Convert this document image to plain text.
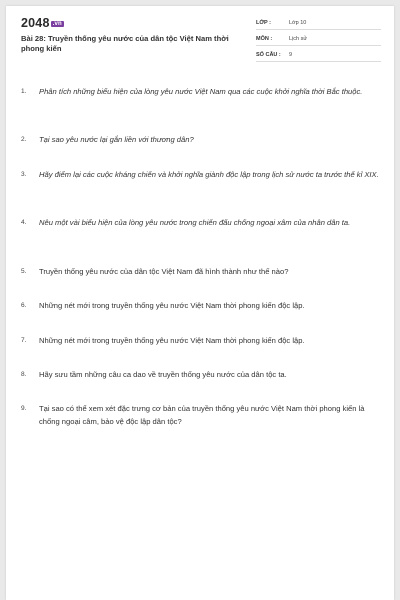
2048 .vn
Bài 28: Truyền thống yêu nước của dân tộc Việt Nam thời phong kiến
LỚP :	Lớp 10
MÔN :	Lịch sử
SỐ CÂU : 9
1. Phân tích những biểu hiện của lòng yêu nước Việt Nam qua các cuộc khởi nghĩa thời Bắc thuộc.
2. Tại sao yêu nước lại gắn liền với thương dân?
3. Hãy điểm lại các cuộc kháng chiến và khởi nghĩa giành độc lập trong lịch sử nước ta trước thế kỉ XIX.
4. Nêu một vài biểu hiện của lòng yêu nước trong chiến đấu chống ngoại xâm của nhân dân ta.
5. Truyền thống yêu nước của dân tộc Việt Nam đã hình thành như thế nào?
6. Những nét mới trong truyền thống yêu nước Việt Nam thời phong kiến độc lập.
7. Những nét mới trong truyền thống yêu nước Việt Nam thời phong kiến độc lập.
8. Hãy sưu tầm những câu ca dao về truyền thống yêu nước của dân tộc ta.
9. Tại sao có thể xem xét đặc trưng cơ bản của truyền thống yêu nước Việt Nam thời phong kiến là chống ngoại câm, bảo vệ độc lập dân tộc?
